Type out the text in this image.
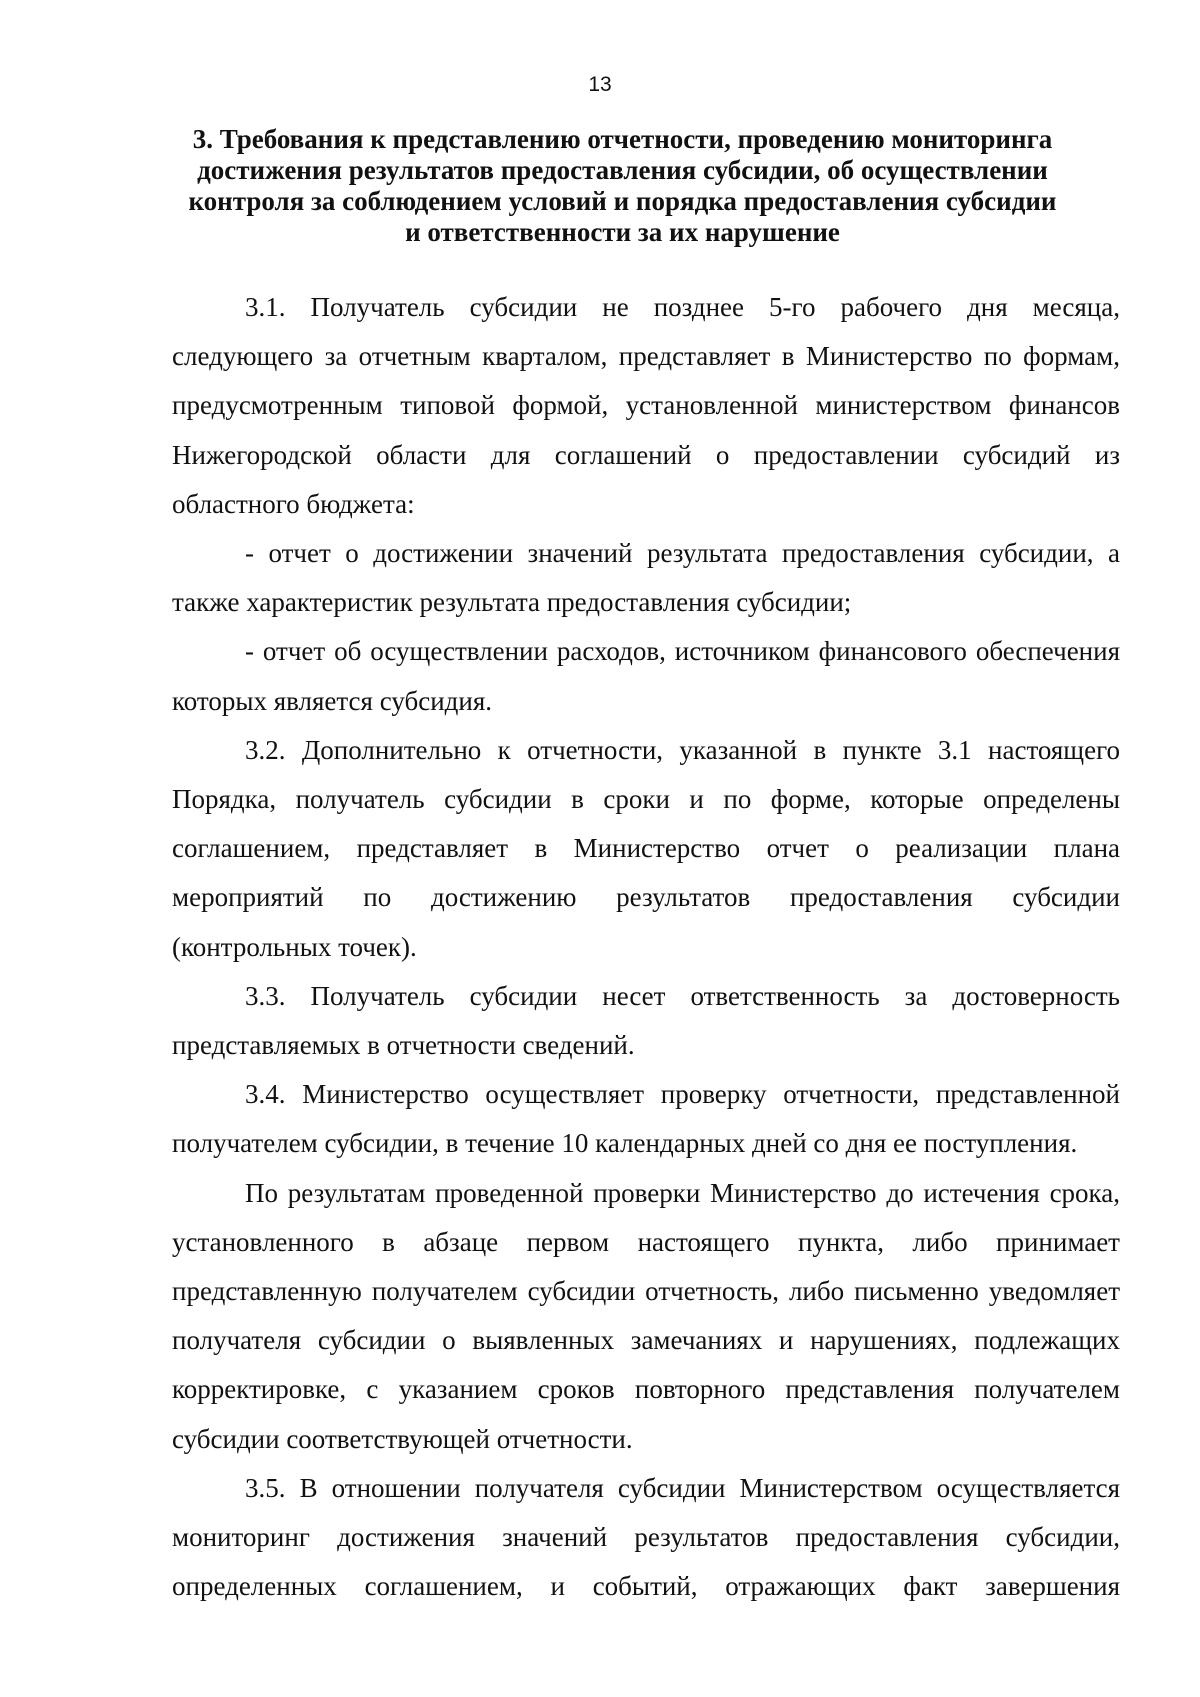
13
3. Требования к представлению отчетности, проведению мониторинга
достижения результатов предоставления субсидии, об осуществлении
контроля за соблюдением условий и порядка предоставления субсидии
и ответственности за их нарушение

3.1. Получатель субсидии не позднее 5-го рабочего дня месяца, следующего за отчетным кварталом, представляет в Министерство по формам, предусмотренным типовой формой, установленной министерством финансов Нижегородской области для соглашений о предоставлении субсидий из областного бюджета:

- отчет о достижении значений результата предоставления субсидии, а также характеристик результата предоставления субсидии;

- отчет об осуществлении расходов, источником финансового обеспечения которых является субсидия.

3.2. Дополнительно к отчетности, указанной в пункте 3.1 настоящего Порядка, получатель субсидии в сроки и по форме, которые определены соглашением, представляет в Министерство отчет о реализации плана мероприятий по достижению результатов предоставления субсидии (контрольных точек).

3.3. Получатель субсидии несет ответственность за достоверность представляемых в отчетности сведений.

3.4. Министерство осуществляет проверку отчетности, представленной получателем субсидии, в течение 10 календарных дней со дня ее поступления.

По результатам проведенной проверки Министерство до истечения срока, установленного в абзаце первом настоящего пункта, либо принимает представленную получателем субсидии отчетность, либо письменно уведомляет получателя субсидии о выявленных замечаниях и нарушениях, подлежащих корректировке, с указанием сроков повторного представления получателем субсидии соответствующей отчетности.

3.5. В отношении получателя субсидии Министерством осуществляется мониторинг достижения значений результатов предоставления субсидии, определенных соглашением, и событий, отражающих факт завершения
